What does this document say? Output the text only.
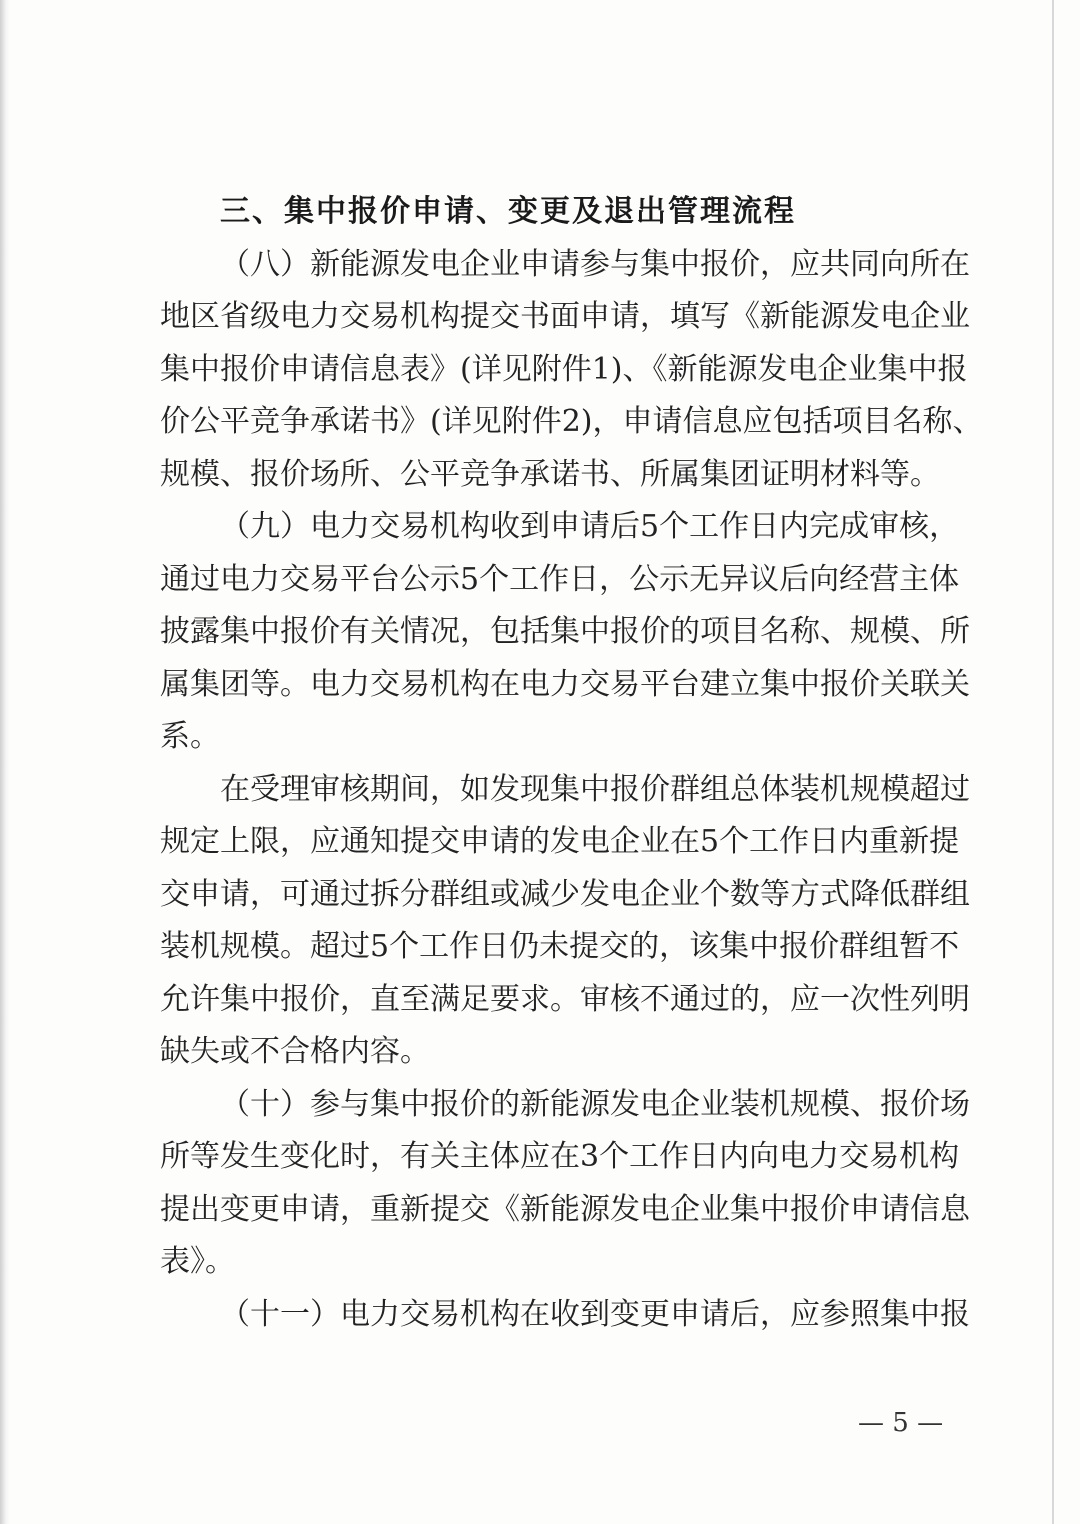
三、集中报价申请、变更及退出管理流程
（八）新能源发电企业申请参与集中报价，应共同向所在
地区省级电力交易机构提交书面申请，填写《新能源发电企业
集中报价申请信息表》(详见附件1)、《新能源发电企业集中报
价公平竞争承诺书》(详见附件2)，申请信息应包括项目名称、
规模、报价场所、公平竞争承诺书、所属集团证明材料等。
（九）电力交易机构收到申请后5个工作日内完成审核，
通过电力交易平台公示5个工作日，公示无异议后向经营主体
披露集中报价有关情况，包括集中报价的项目名称、规模、所
属集团等。电力交易机构在电力交易平台建立集中报价关联关
系。
在受理审核期间，如发现集中报价群组总体装机规模超过
规定上限，应通知提交申请的发电企业在5个工作日内重新提
交申请，可通过拆分群组或减少发电企业个数等方式降低群组
装机规模。超过5个工作日仍未提交的，该集中报价群组暂不
允许集中报价，直至满足要求。审核不通过的，应一次性列明
缺失或不合格内容。
（十）参与集中报价的新能源发电企业装机规模、报价场
所等发生变化时，有关主体应在3个工作日内向电力交易机构
提出变更申请，重新提交《新能源发电企业集中报价申请信息
表》。
（十一）电力交易机构在收到变更申请后，应参照集中报
— 5 —
